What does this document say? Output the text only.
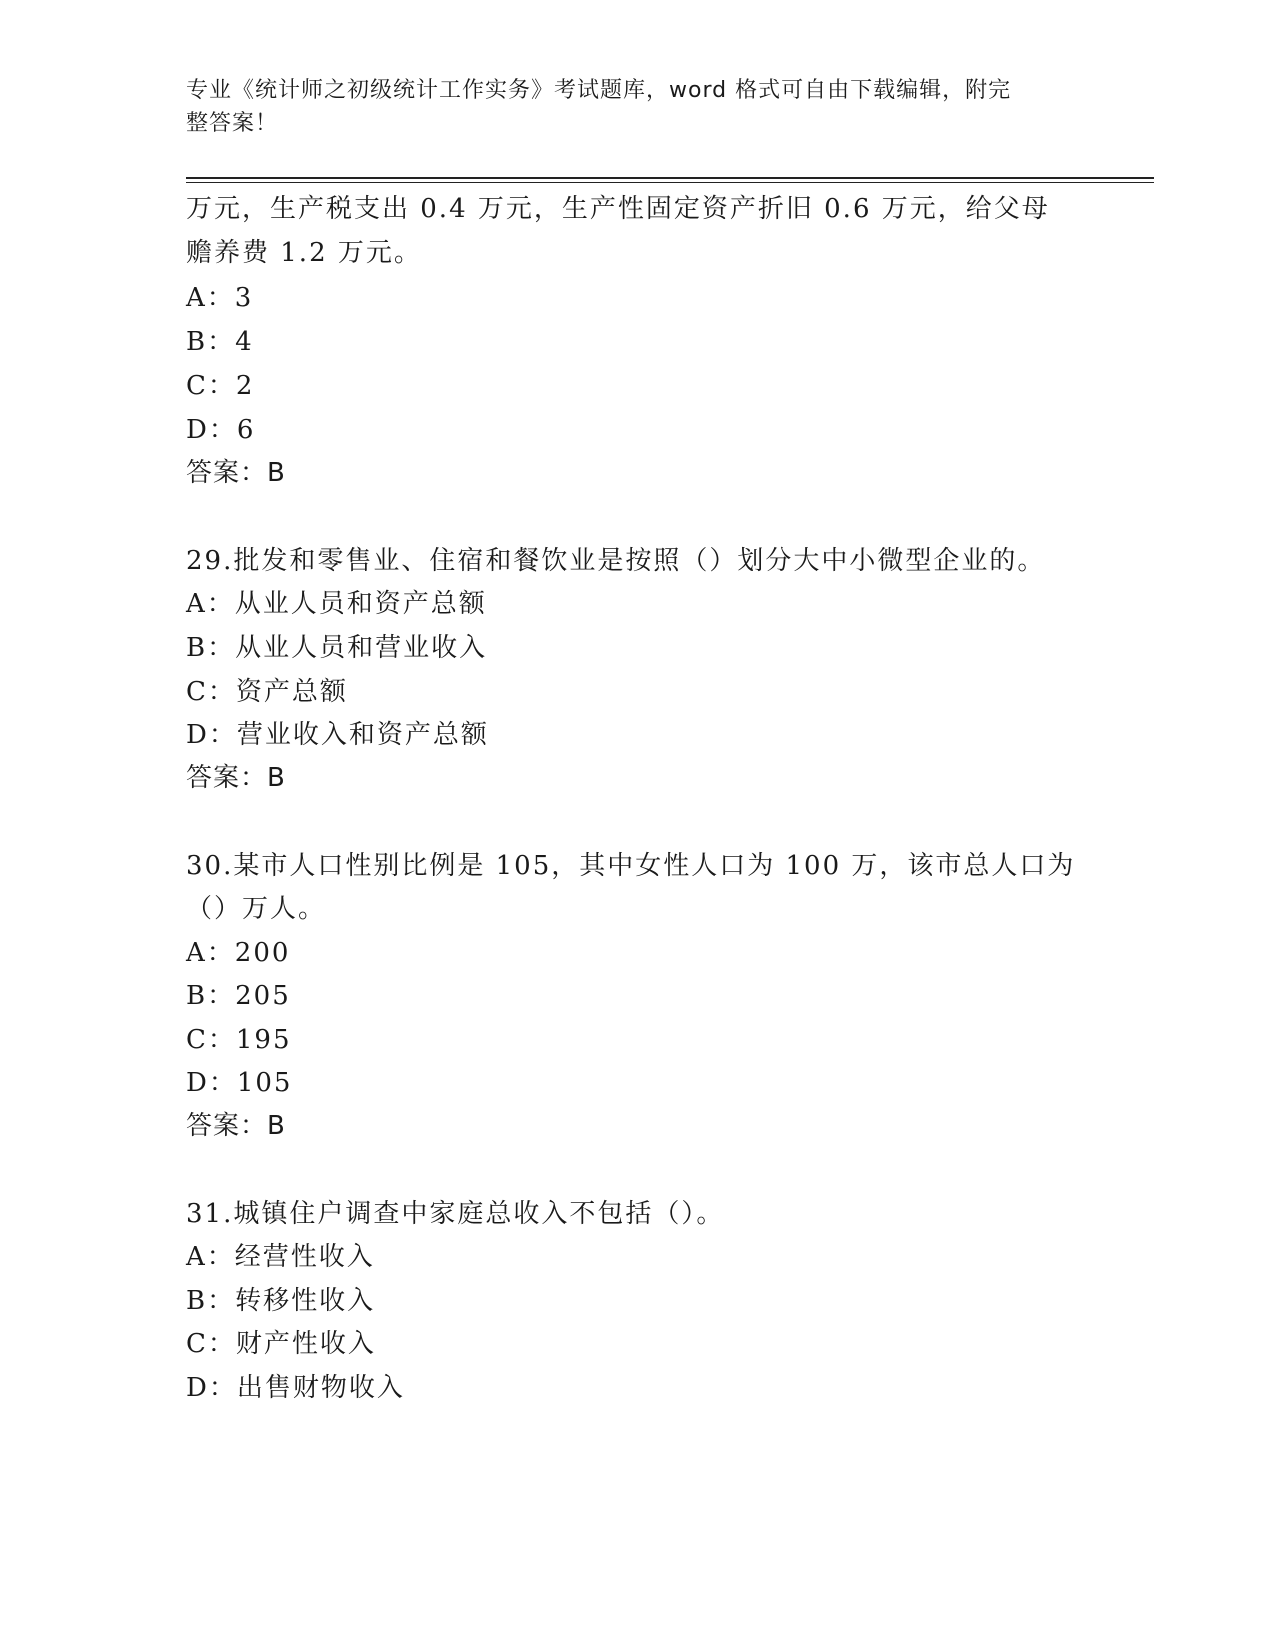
专业《统计师之初级统计工作实务》考试题库，word 格式可自由下载编辑，附完
整答案！
万元，生产税支出 0.4 万元，生产性固定资产折旧 0.6 万元，给父母
赡养费 1.2 万元。
A：3
B：4
C：2
D：6
答案：B
29.批发和零售业、住宿和餐饮业是按照（）划分大中小微型企业的。
A：从业人员和资产总额
B：从业人员和营业收入
C：资产总额
D：营业收入和资产总额
答案：B
30.某市人口性别比例是 105，其中女性人口为 100 万，该市总人口为
（）万人。
A：200
B：205
C：195
D：105
答案：B
31.城镇住户调查中家庭总收入不包括（）。
A：经营性收入
B：转移性收入
C：财产性收入
D：出售财物收入
